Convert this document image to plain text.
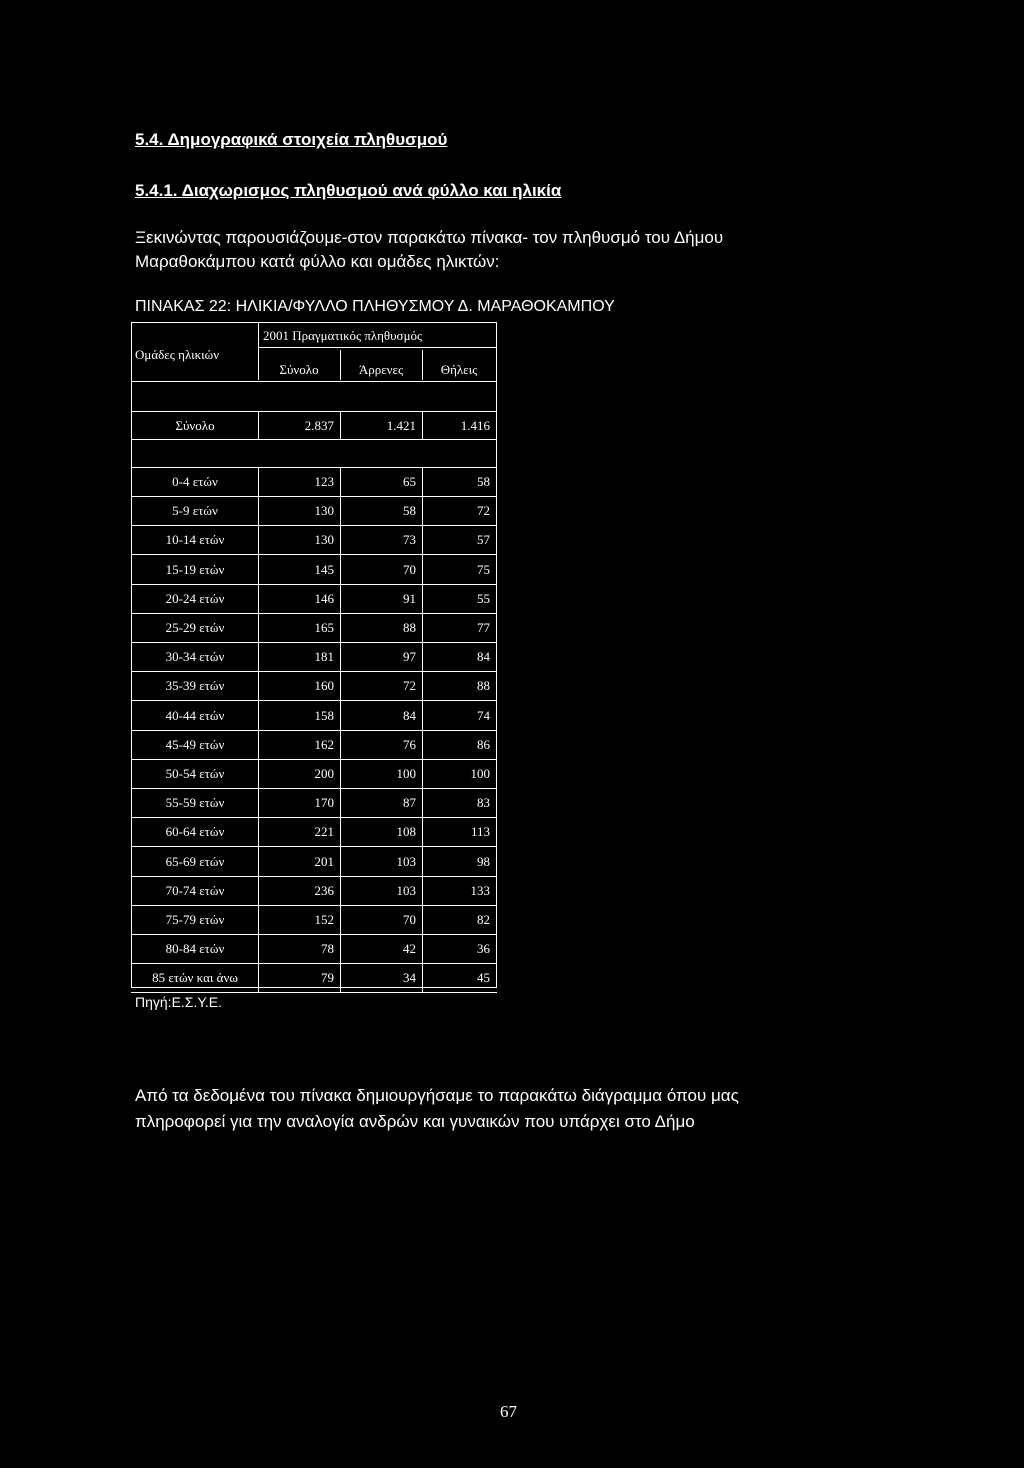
5.4. Δημογραφικά στοιχεία πληθυσμού
5.4.1. Διαχωρισμος πληθυσμού ανά φύλλο και ηλικία
Ξεκινώντας παρουσιάζουμε-στον παρακάτω πίνακα- τον πληθυσμό του Δήμου
Μαραθοκάμπου κατά φύλλο και ομάδες ηλικτών:
ΠΙΝΑΚΑΣ 22: ΗΛΙΚΙΑ/ΦΥΛΛΟ ΠΛΗΘΥΣΜΟΥ Δ. ΜΑΡΑΘΟΚΑΜΠΟΥ
Ομάδες ηλικιών
2001 Πραγματικός πληθυσμός
Σύνολο	Άρρενες	Θήλεις
Σύνολο	2.837	1.421	1.416
0-4 ετών	123	65	58
5-9 ετών	130	58	72
10-14 ετών	130	73	57
15-19 ετών	145	70	75
20-24 ετών	146	91	55
25-29 ετών	165	88	77
30-34 ετών	181	97	84
35-39 ετών	160	72	88
40-44 ετών	158	84	74
45-49 ετών	162	76	86
50-54 ετών	200	100	100
55-59 ετών	170	87	83
60-64 ετών	221	108	113
65-69 ετών	201	103	98
70-74 ετών	236	103	133
75-79 ετών	152	70	82
80-84 ετών	78	42	36
85 ετών και άνω	79	34	45
Πηγή:Ε.Σ.Υ.Ε.
Από τα δεδομένα του πίνακα δημιουργήσαμε το παρακάτω διάγραμμα όπου μας
πληροφορεί για την αναλογία ανδρών και γυναικών που υπάρχει στο Δήμο
67
